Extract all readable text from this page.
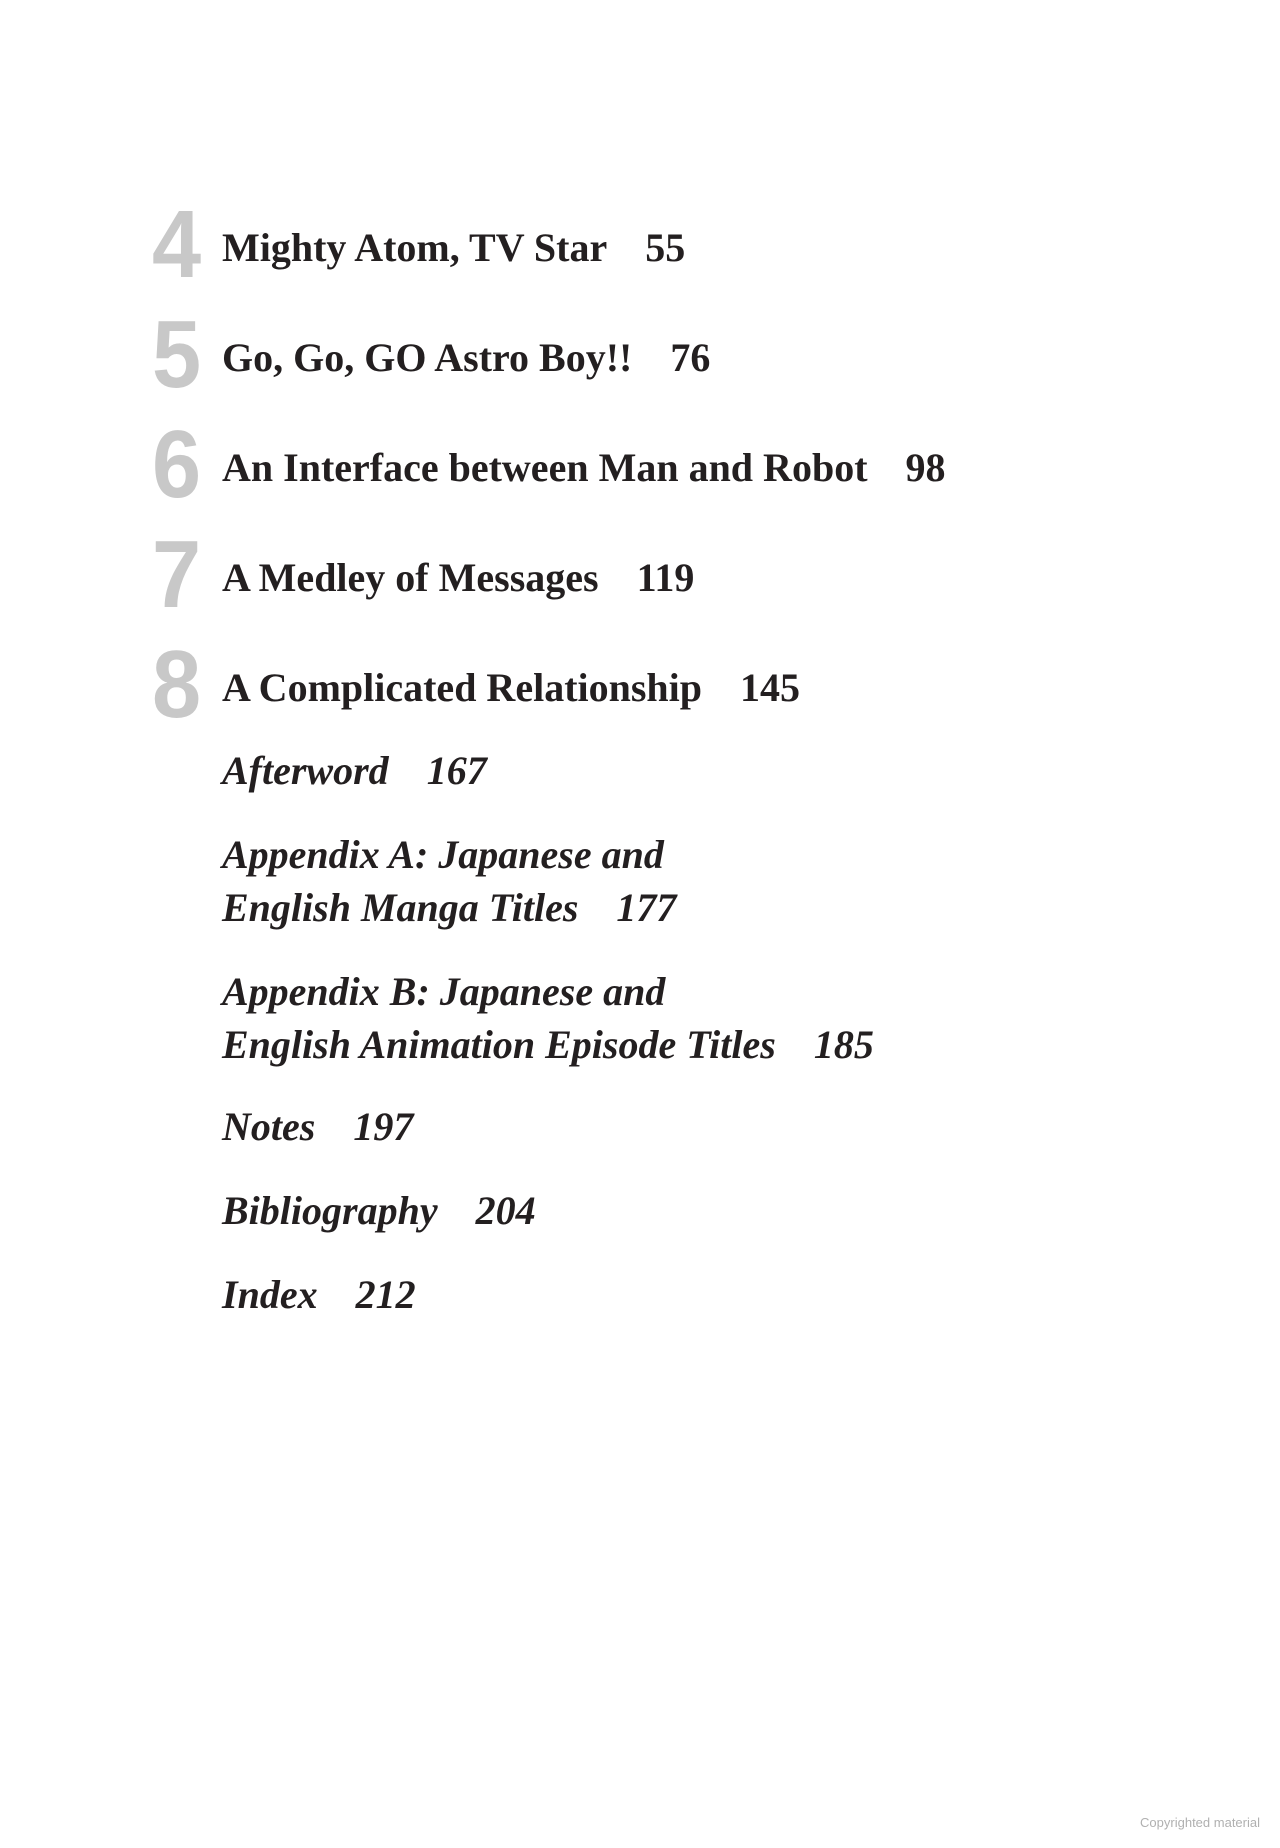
4 Mighty Atom, TV Star 55
5 Go, Go, GO Astro Boy!! 76
6 An Interface between Man and Robot 98
7 A Medley of Messages 119
8 A Complicated Relationship 145
Afterword 167
Appendix A: Japanese and
English Manga Titles 177
Appendix B: Japanese and
English Animation Episode Titles 185
Notes 197
Bibliography 204
Index 212
Copyrighted material
